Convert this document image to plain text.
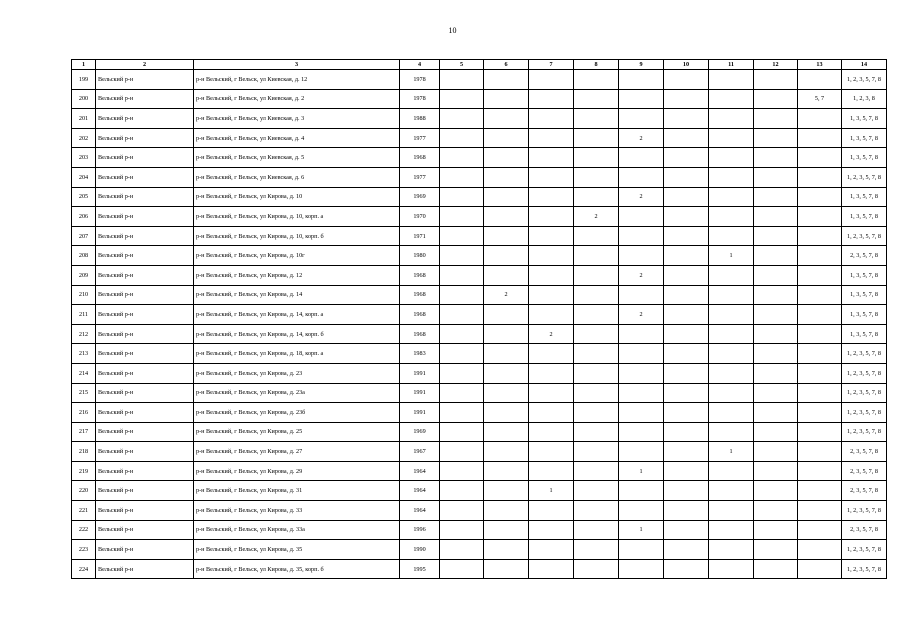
10
1	2	3	4	5	6	7	8	9	10	11	12	13	14
199	Вельский р-н	р-н Вельский, г Вельск, ул Киевская, д. 12	1978										1, 2, 3, 5, 7, 8
200	Вельский р-н	р-н Вельский, г Вельск, ул Киевская, д. 2	1978									5, 7	1, 2, 3, 8
201	Вельский р-н	р-н Вельский, г Вельск, ул Киевская, д. 3	1988										1, 3, 5, 7, 8
202	Вельский р-н	р-н Вельский, г Вельск, ул Киевская, д. 4	1977					2					1, 3, 5, 7, 8
203	Вельский р-н	р-н Вельский, г Вельск, ул Киевская, д. 5	1968										1, 3, 5, 7, 8
204	Вельский р-н	р-н Вельский, г Вельск, ул Киевская, д. 6	1977										1, 2, 3, 5, 7, 8
205	Вельский р-н	р-н Вельский, г Вельск, ул Кирова, д. 10	1969					2					1, 3, 5, 7, 8
206	Вельский р-н	р-н Вельский, г Вельск, ул Кирова, д. 10, корп. а	1970				2						1, 3, 5, 7, 8
207	Вельский р-н	р-н Вельский, г Вельск, ул Кирова, д. 10, корп. б	1971										1, 2, 3, 5, 7, 8
208	Вельский р-н	р-н Вельский, г Вельск, ул Кирова, д. 10г	1980							1			2, 3, 5, 7, 8
209	Вельский р-н	р-н Вельский, г Вельск, ул Кирова, д. 12	1968					2					1, 3, 5, 7, 8
210	Вельский р-н	р-н Вельский, г Вельск, ул Кирова, д. 14	1968		2								1, 3, 5, 7, 8
211	Вельский р-н	р-н Вельский, г Вельск, ул Кирова, д. 14, корп. а	1968					2					1, 3, 5, 7, 8
212	Вельский р-н	р-н Вельский, г Вельск, ул Кирова, д. 14, корп. б	1968			2							1, 3, 5, 7, 8
213	Вельский р-н	р-н Вельский, г Вельск, ул Кирова, д. 18, корп. а	1983										1, 2, 3, 5, 7, 8
214	Вельский р-н	р-н Вельский, г Вельск, ул Кирова, д. 23	1991										1, 2, 3, 5, 7, 8
215	Вельский р-н	р-н Вельский, г Вельск, ул Кирова, д. 23а	1991										1, 2, 3, 5, 7, 8
216	Вельский р-н	р-н Вельский, г Вельск, ул Кирова, д. 23б	1991										1, 2, 3, 5, 7, 8
217	Вельский р-н	р-н Вельский, г Вельск, ул Кирова, д. 25	1969										1, 2, 3, 5, 7, 8
218	Вельский р-н	р-н Вельский, г Вельск, ул Кирова, д. 27	1967							1			2, 3, 5, 7, 8
219	Вельский р-н	р-н Вельский, г Вельск, ул Кирова, д. 29	1964					1					2, 3, 5, 7, 8
220	Вельский р-н	р-н Вельский, г Вельск, ул Кирова, д. 31	1964			1							2, 3, 5, 7, 8
221	Вельский р-н	р-н Вельский, г Вельск, ул Кирова, д. 33	1964										1, 2, 3, 5, 7, 8
222	Вельский р-н	р-н Вельский, г Вельск, ул Кирова, д. 33а	1996					1					2, 3, 5, 7, 8
223	Вельский р-н	р-н Вельский, г Вельск, ул Кирова, д. 35	1990										1, 2, 3, 5, 7, 8
224	Вельский р-н	р-н Вельский, г Вельск, ул Кирова, д. 35, корп. б	1995										1, 2, 3, 5, 7, 8
